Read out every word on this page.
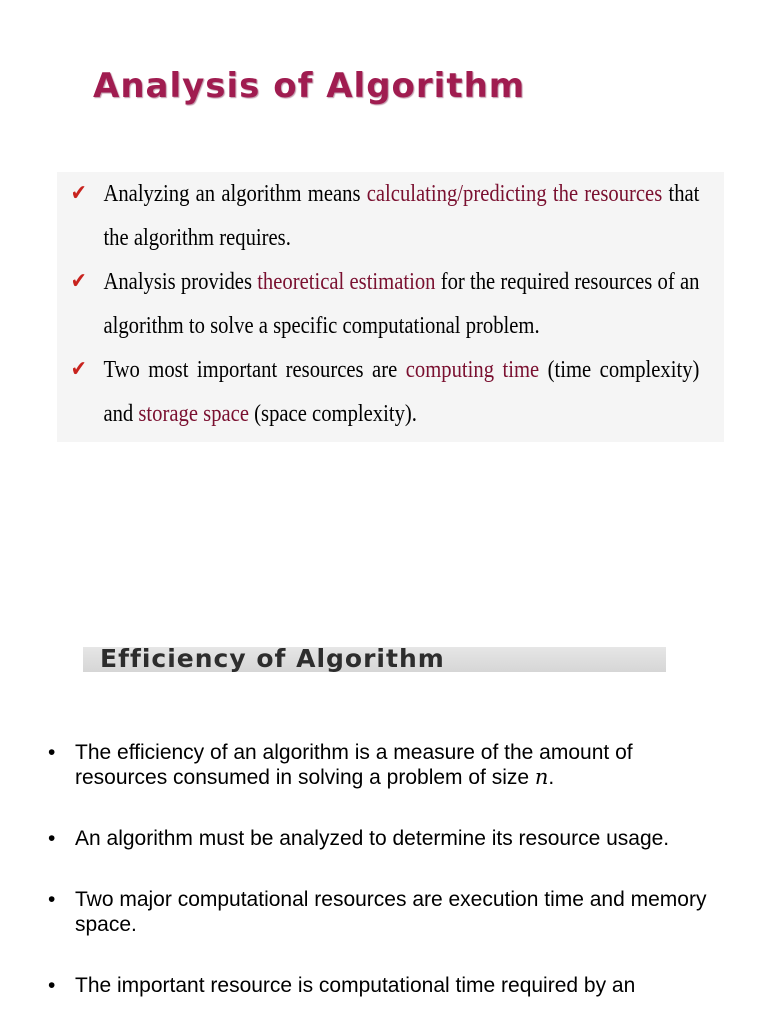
Analysis of Algorithm
✔ Analyzing an algorithm means calculating/predicting the resources that the algorithm requires.
✔ Analysis provides theoretical estimation for the required resources of an algorithm to solve a specific computational problem.
✔ Two most important resources are computing time (time complexity) and storage space (space complexity).
Efficiency of Algorithm
• The efficiency of an algorithm is a measure of the amount of resources consumed in solving a problem of size n.
• An algorithm must be analyzed to determine its resource usage.
• Two major computational resources are execution time and memory space.
• The important resource is computational time required by an
